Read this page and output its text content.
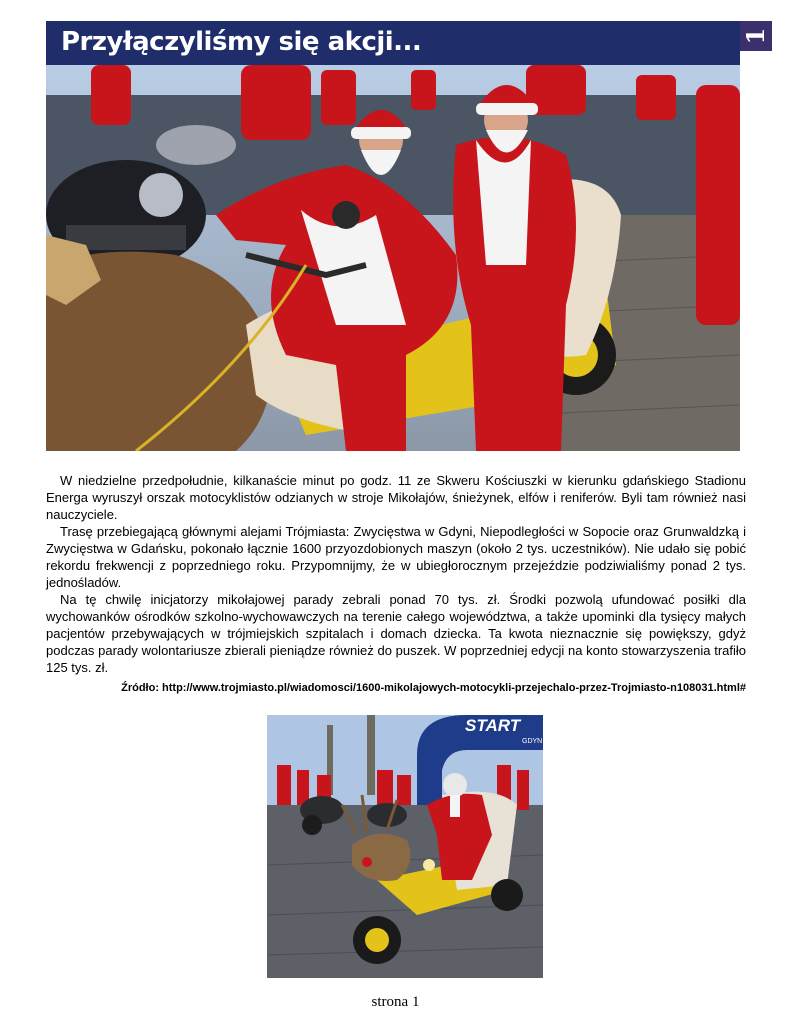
Przyłączyliśmy się akcji...	1

W niedzielne przedpołudnie, kilkanaście minut po godz. 11 ze Skweru Kościuszki w kierunku gdańskiego Stadionu Energa wyruszył orszak motocyklistów odzianych w stroje Mikołajów, śnieżynek, elfów i reniferów. Byli tam również nasi nauczyciele.

Trasę przebiegającą głównymi alejami Trójmiasta: Zwycięstwa w Gdyni, Niepodległości w Sopocie oraz Grunwaldzką i Zwycięstwa w Gdańsku, pokonało łącznie 1600 przyozdobionych maszyn (około 2 tys. uczestników). Nie udało się pobić rekordu frekwencji z poprzedniego roku. Przypomnijmy, że w ubiegłorocznym przejeździe podziwialiśmy ponad 2 tys. jednośladów.

Na tę chwilę inicjatorzy mikołajowej parady zebrali ponad 70 tys. zł. Środki pozwolą ufundować posiłki dla wychowanków ośrodków szkolno-wychowawczych na terenie całego województwa, a także upominki dla tysięcy małych pacjentów przebywających w trójmiejskich szpitalach i domach dziecka. Ta kwota nieznacznie się powiększy, gdyż podczas parady wolontariusze zbierali pieniądze również do puszek. W poprzedniej edycji na konto stowarzyszenia trafiło 125 tys. zł.

Źródło: http://www.trojmiasto.pl/wiadomosci/1600-mikolajowych-motocykli-przejechalo-przez-Trojmiasto-n108031.html#
START
GDYN
strona 1
